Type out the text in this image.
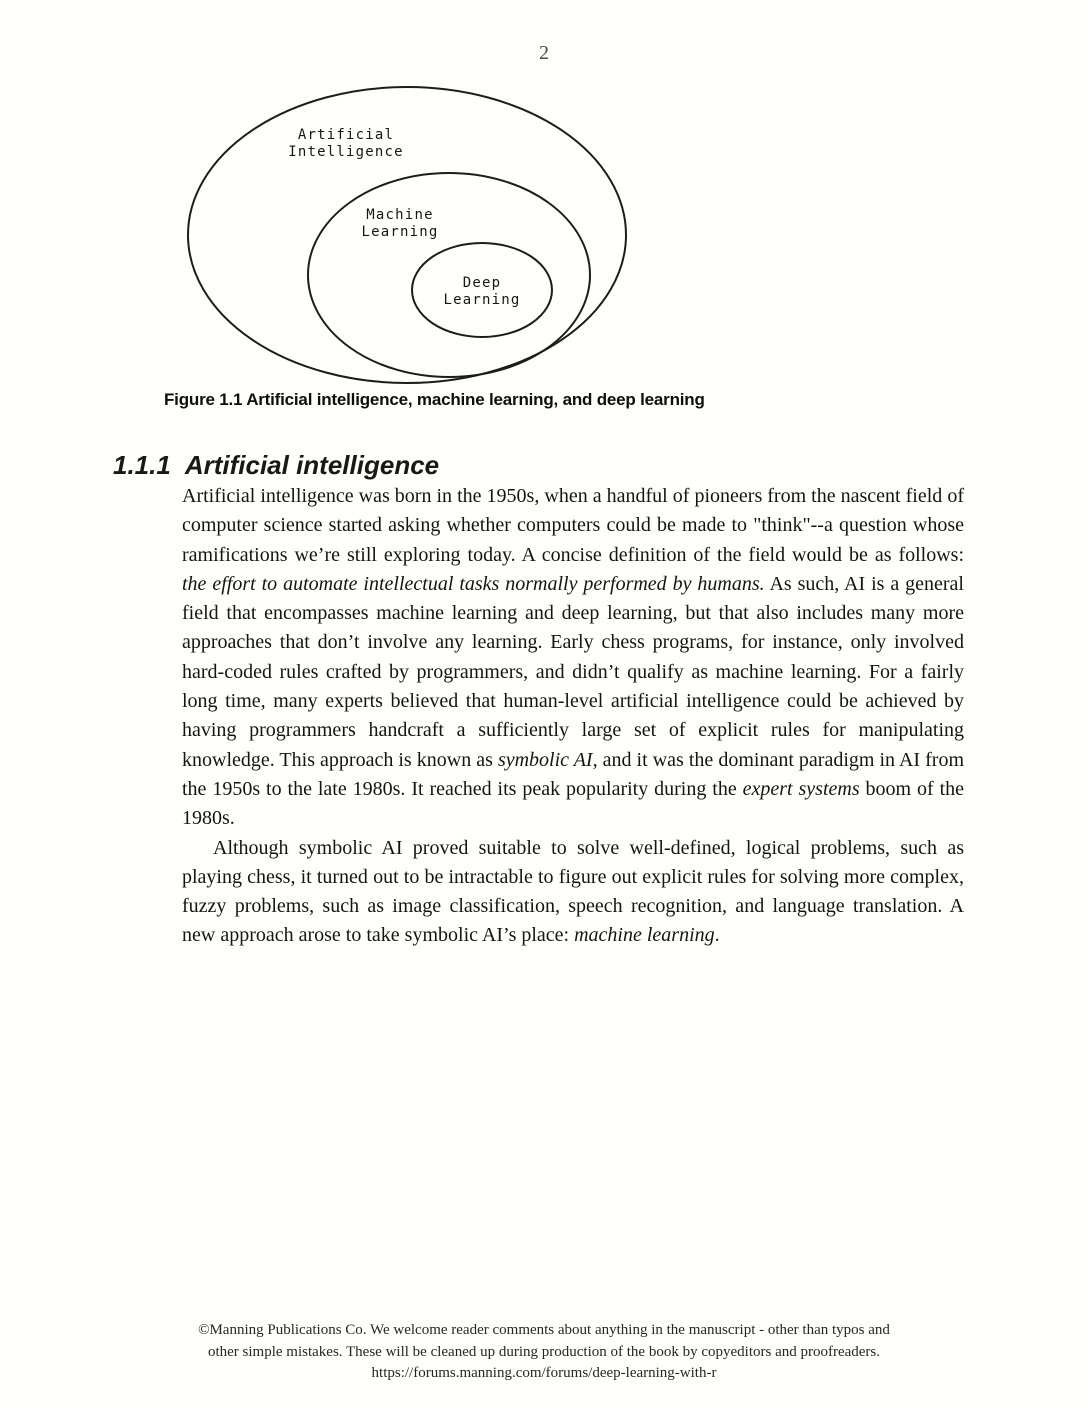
2
Artificial
Intelligence
Machine
Learning
Deep
Learning
Figure 1.1 Artificial intelligence, machine learning, and deep learning
1.1.1 Artificial intelligence

Artificial intelligence was born in the 1950s, when a handful of pioneers from the nascent field of computer science started asking whether computers could be made to "think"--a question whose ramifications we’re still exploring today. A concise definition of the field would be as follows: the effort to automate intellectual tasks normally performed by humans. As such, AI is a general field that encompasses machine learning and deep learning, but that also includes many more approaches that don’t involve any learning. Early chess programs, for instance, only involved hard-coded rules crafted by programmers, and didn’t qualify as machine learning. For a fairly long time, many experts believed that human-level artificial intelligence could be achieved by having programmers handcraft a sufficiently large set of explicit rules for manipulating knowledge. This approach is known as symbolic AI, and it was the dominant paradigm in AI from the 1950s to the late 1980s. It reached its peak popularity during the expert systems boom of the 1980s.

Although symbolic AI proved suitable to solve well-defined, logical problems, such as playing chess, it turned out to be intractable to figure out explicit rules for solving more complex, fuzzy problems, such as image classification, speech recognition, and language translation. A new approach arose to take symbolic AI’s place: machine learning.

©Manning Publications Co. We welcome reader comments about anything in the manuscript - other than typos and
other simple mistakes. These will be cleaned up during production of the book by copyeditors and proofreaders.
https://forums.manning.com/forums/deep-learning-with-r
